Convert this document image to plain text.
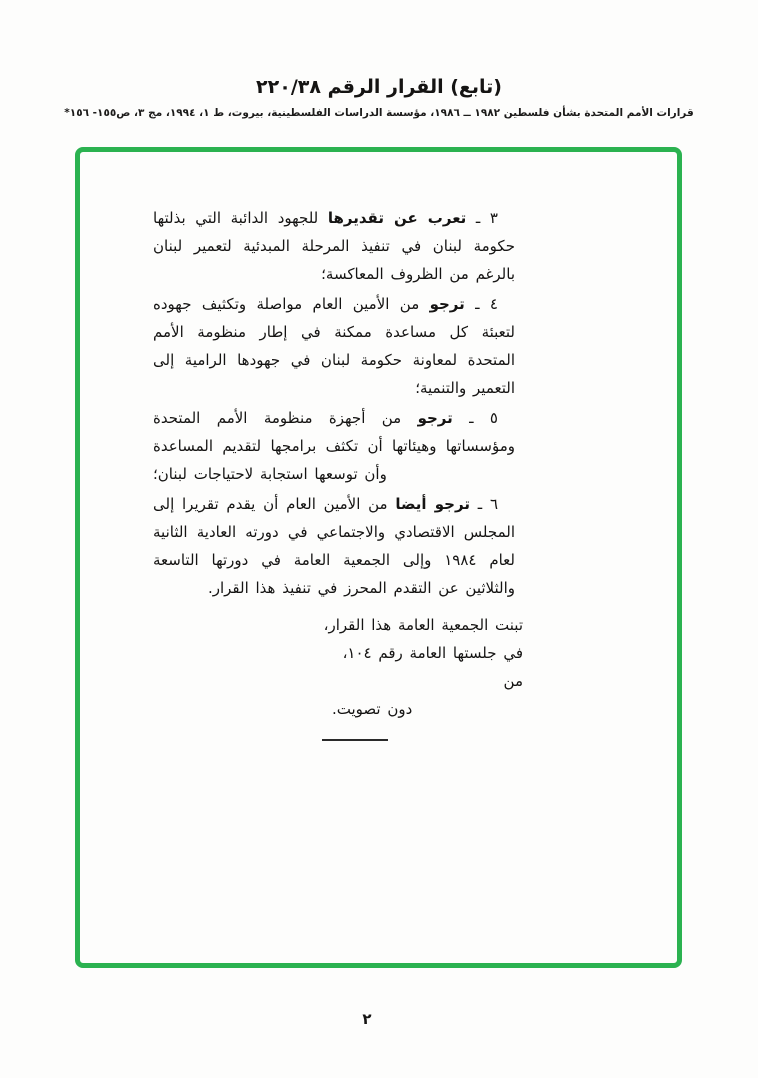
(تابع) القرار الرقم ٢٢٠/٣٨
قرارات الأمم المتحدة بشأن فلسطين ١٩٨٢ ــ ١٩٨٦، مؤسسة الدراسات الفلسطينية، بيروت، ط ١، ١٩٩٤، مج ٣، ص١٥٥- ١٥٦*

٣ ـ تعرب عن تقديرها للجهود الدائبة التي بذلتها حكومة لبنان في تنفيذ المرحلة المبدئية لتعمير لبنان بالرغم من الظروف المعاكسة؛

٤ ـ ترجو من الأمين العام مواصلة وتكثيف جهوده لتعبئة كل مساعدة ممكنة في إطار منظومة الأمم المتحدة لمعاونة حكومة لبنان في جهودها الرامية إلى التعمير والتنمية؛

٥ ـ ترجو من أجهزة منظومة الأمم المتحدة ومؤسساتها وهيئاتها أن تكثف برامجها لتقديم المساعدة وأن توسعها استجابة لاحتياجات لبنان؛

٦ ـ ترجو أيضا من الأمين العام أن يقدم تقريرا إلى المجلس الاقتصادي والاجتماعي في دورته العادية الثانية لعام ١٩٨٤ وإلى الجمعية العامة في دورتها التاسعة والثلاثين عن التقدم المحرز في تنفيذ هذا القرار.

تبنت الجمعية العامة هذا القرار،
في جلستها العامة رقم ١٠٤، من
دون تصويت.
٢
